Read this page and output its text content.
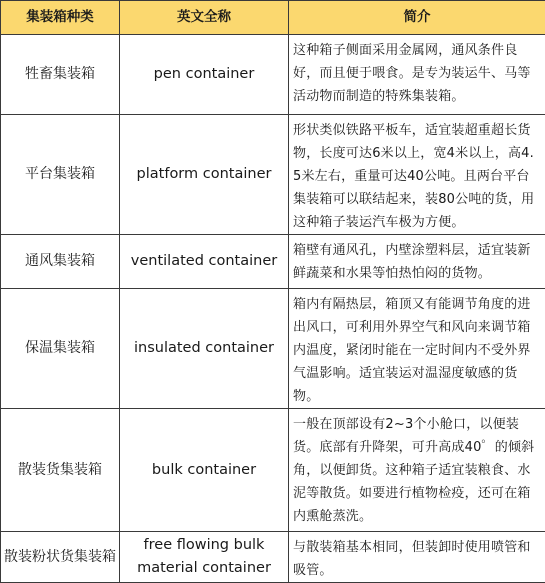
集装箱种类	英文全称	简介
牲畜集装箱	pen container	这种箱子侧面采用金属网，通风条件良好，而且便于喂食。是专为装运牛、马等活动物而制造的特殊集装箱。
平台集装箱	platform container	形状类似铁路平板车，适宜装超重超长货物，长度可达6米以上，宽4米以上，高4.5米左右，重量可达40公吨。且两台平台集装箱可以联结起来，装80公吨的货，用这种箱子装运汽车极为方便。
通风集装箱	ventilated container	箱壁有通风孔，内壁涂塑料层，适宜装新鲜蔬菜和水果等怕热怕闷的货物。
保温集装箱	insulated container	箱内有隔热层，箱顶又有能调节角度的进出风口，可利用外界空气和风向来调节箱内温度，紧闭时能在一定时间内不受外界气温影响。适宜装运对温湿度敏感的货物。
散装货集装箱	bulk container	一般在顶部设有2~3个小舱口，以便装货。底部有升降架，可升高成40゜的倾斜角，以便卸货。这种箱子适宜装粮食、水泥等散货。如要进行植物检疫，还可在箱内熏舱蒸洗。
散装粉状货集装箱	free flowing bulk material container	与散装箱基本相同，但装卸时使用喷管和吸管。
